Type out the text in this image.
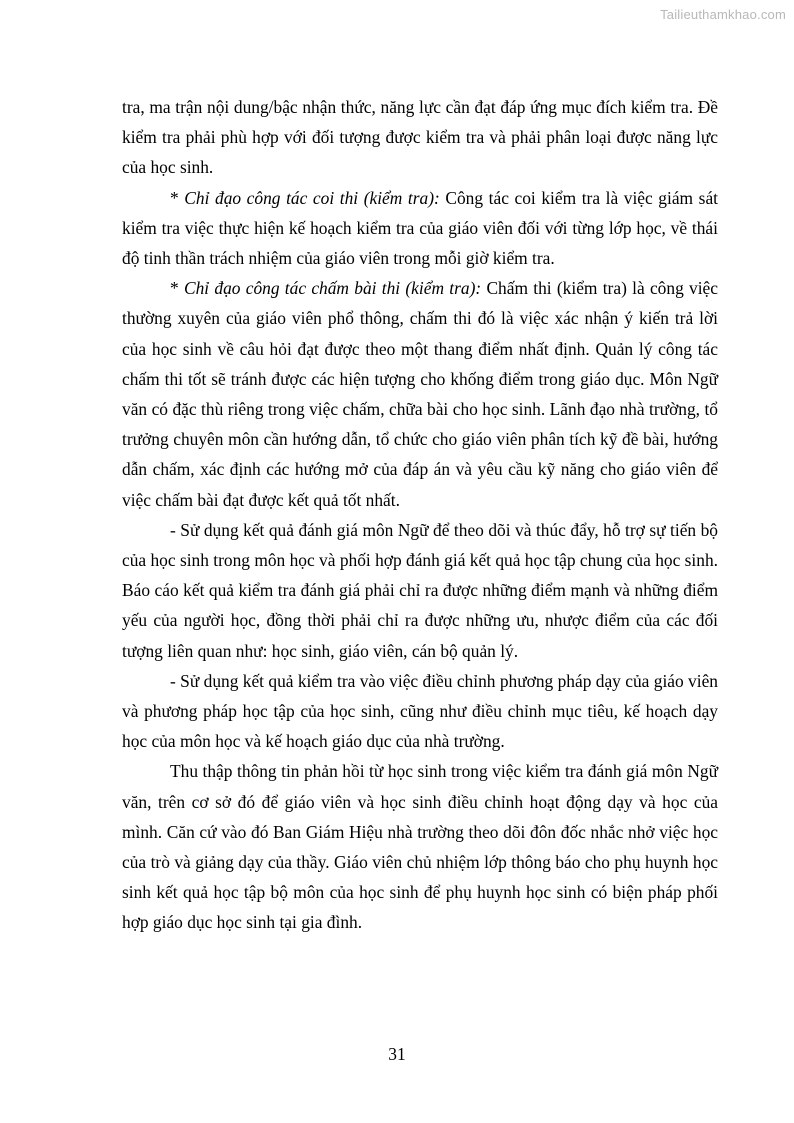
Tailieuthamkhao.com

tra, ma trận nội dung/bậc nhận thức, năng lực cần đạt đáp ứng mục đích kiểm tra. Đề kiểm tra phải phù hợp với đối tượng được kiểm tra và phải phân loại được năng lực của học sinh.

* Chỉ đạo công tác coi thi (kiểm tra): Công tác coi kiểm tra là việc giám sát kiểm tra việc thực hiện kế hoạch kiểm tra của giáo viên đối với từng lớp học, về thái độ tinh thần trách nhiệm của giáo viên trong mỗi giờ kiểm tra.

* Chỉ đạo công tác chấm bài thi (kiểm tra): Chấm thi (kiểm tra) là công việc thường xuyên của giáo viên phổ thông, chấm thi đó là việc xác nhận ý kiến trả lời của học sinh về câu hỏi đạt được theo một thang điểm nhất định. Quản lý công tác chấm thi tốt sẽ tránh được các hiện tượng cho khống điểm trong giáo dục. Môn Ngữ văn có đặc thù riêng trong việc chấm, chữa bài cho học sinh. Lãnh đạo nhà trường, tổ trưởng chuyên môn cần hướng dẫn, tổ chức cho giáo viên phân tích kỹ đề bài, hướng dẫn chấm, xác định các hướng mở của đáp án và yêu cầu kỹ năng cho giáo viên để việc chấm bài đạt được kết quả tốt nhất.

- Sử dụng kết quả đánh giá môn Ngữ để theo dõi và thúc đẩy, hỗ trợ sự tiến bộ của học sinh trong môn học và phối hợp đánh giá kết quả học tập chung của học sinh. Báo cáo kết quả kiểm tra đánh giá phải chỉ ra được những điểm mạnh và những điểm yếu của người học, đồng thời phải chỉ ra được những ưu, nhược điểm của các đối tượng liên quan như: học sinh, giáo viên, cán bộ quản lý.

- Sử dụng kết quả kiểm tra vào việc điều chỉnh phương pháp dạy của giáo viên và phương pháp học tập của học sinh, cũng như điều chỉnh mục tiêu, kế hoạch dạy học của môn học và kế hoạch giáo dục của nhà trường.

Thu thập thông tin phản hồi từ học sinh trong việc kiểm tra đánh giá môn Ngữ văn, trên cơ sở đó để giáo viên và học sinh điều chỉnh hoạt động dạy và học của mình. Căn cứ vào đó Ban Giám Hiệu nhà trường theo dõi đôn đốc nhắc nhở việc học của trò và giảng dạy của thầy. Giáo viên chủ nhiệm lớp thông báo cho phụ huynh học sinh kết quả học tập bộ môn của học sinh để phụ huynh học sinh có biện pháp phối hợp giáo dục học sinh tại gia đình.

31
